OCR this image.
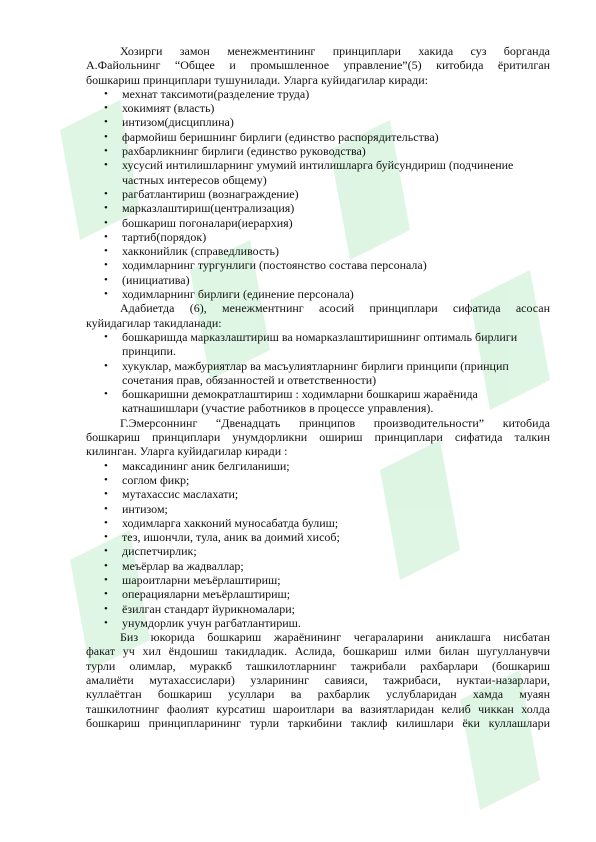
Хозирги замон менежментининг принциплари хакида суз борганда
А.Файольнинг “Общее и промышленное управление”(5) китобида ёритилган
бошкариш принциплари тушунилади. Уларга куйидагилар киради:
• мехнат таксимоти(разделение труда)
• хокимият (власть)
• интизом(дисциплина)
• фармойиш беришнинг бирлиги (единство распорядительства)
• рахбарликнинг бирлиги (единство руководства)
• хусусий интилишларнинг умумий интилишларга буйсундириш (подчинение
частных интересов общему)
• рагбатлантириш (вознаграждение)
• марказлаштириш(централизация)
• бошкариш погоналари(иерархия)
• тартиб(порядок)
• хакконийлик (справедливость)
• ходимларнинг тургунлиги (постоянство состава персонала)
• (инициатива)
• ходимларнинг бирлиги (единение персонала)
Адабиетда (6), менежментнинг асосий принциплари сифатида асосан
куйидагилар такидланади:
• бошкаришда марказлаштириш ва номарказлаштиришнинг оптималь бирлиги
принципи.
• хукуклар, мажбуриятлар ва масъулиятларнинг бирлиги принципи (принцип
сочетания прав, обязанностей и ответственности)
• бошкаришни демократлаштириш : ходимларни бошкариш жараёнида
катнашишлари (участие работников в процессе управления).
Г.Эмерсоннинг “Двенадцать принципов производительности” китобида
бошкариш принциплари унумдорликни ошириш принциплари сифатида талкин
килинган. Уларга куйидагилар киради :
• максадининг аник белгиланиши;
• соглом фикр;
• мутахассис маслахати;
• интизом;
• ходимларга хакконий муносабатда булиш;
• тез, ишончли, тула, аник ва доимий хисоб;
• диспетчирлик;
• меъёрлар ва жадваллар;
• шароитларни меъёрлаштириш;
• операцияларни меъёрлаштириш;
• ёзилган стандарт йурикномалари;
• унумдорлик учун рагбатлантириш.
Биз юкорида бошкариш жараёнининг чегараларини аниклашга нисбатан
факат уч хил ёндошиш такидладик. Аслида, бошкариш илми билан шугулланувчи
турли олимлар, мураккб ташкилотларнинг тажрибали рахбарлари (бошкариш
амалиёти мутахассислари) узларининг савияси, тажрибаси, нуктаи-назарлари,
куллаётган бошкариш усуллари ва рахбарлик услубларидан хамда муаян
ташкилотнинг фаолият курсатиш шароитлари ва вазиятларидан келиб чиккан холда
бошкариш принципларининг турли таркибини таклиф килишлари ёки куллашлари
